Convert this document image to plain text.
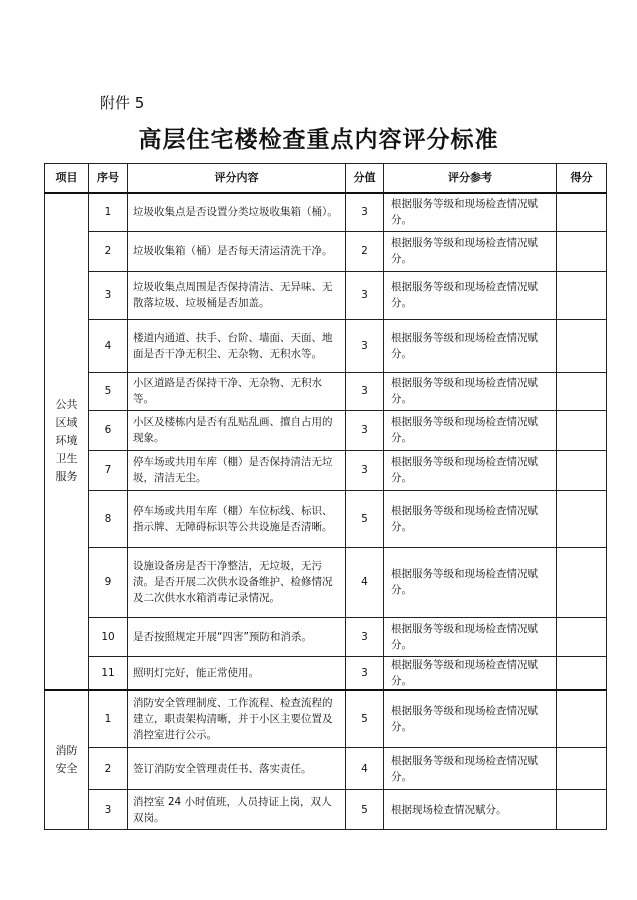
附件 5
高层住宅楼检查重点内容评分标准
项目	序号	评分内容	分值	评分参考	得分

公共
区域
环境
卫生
服务	1	垃圾收集点是否设置分类垃圾收集箱（桶）。	3	根据服务等级和现场检查情况赋分。	
	2	垃圾收集箱（桶）是否每天清运清洗干净。	2	根据服务等级和现场检查情况赋分。	
	3	垃圾收集点周围是否保持清洁、无异味、无散落垃圾、垃圾桶是否加盖。	3	根据服务等级和现场检查情况赋分。	
	4	楼道内通道、扶手、台阶、墙面、天面、地面是否干净无积尘、无杂物、无积水等。	3	根据服务等级和现场检查情况赋分。	
	5	小区道路是否保持干净、无杂物、无积水等。	3	根据服务等级和现场检查情况赋分。	
	6	小区及楼栋内是否有乱贴乱画、擅自占用的现象。	3	根据服务等级和现场检查情况赋分。	
	7	停车场或共用车库（棚）是否保持清洁无垃圾，清洁无尘。	3	根据服务等级和现场检查情况赋分。	
	8	停车场或共用车库（棚）车位标线、标识、指示牌、无障碍标识等公共设施是否清晰。	5	根据服务等级和现场检查情况赋分。	
	9	设施设备房是否干净整洁，无垃圾，无污渍。是否开展二次供水设备维护、检修情况及二次供水水箱消毒记录情况。	4	根据服务等级和现场检查情况赋分。	
	10	是否按照规定开展“四害”预防和消杀。	3	根据服务等级和现场检查情况赋分。	
	11	照明灯完好，能正常使用。	3	根据服务等级和现场检查情况赋分。	

消防
安全	1	消防安全管理制度、工作流程、检查流程的建立，职责架构清晰，并于小区主要位置及消控室进行公示。	5	根据服务等级和现场检查情况赋分。	
	2	签订消防安全管理责任书、落实责任。	4	根据服务等级和现场检查情况赋分。	
	3	消控室 24 小时值班，人员持证上岗，双人双岗。	5	根据现场检查情况赋分。	
